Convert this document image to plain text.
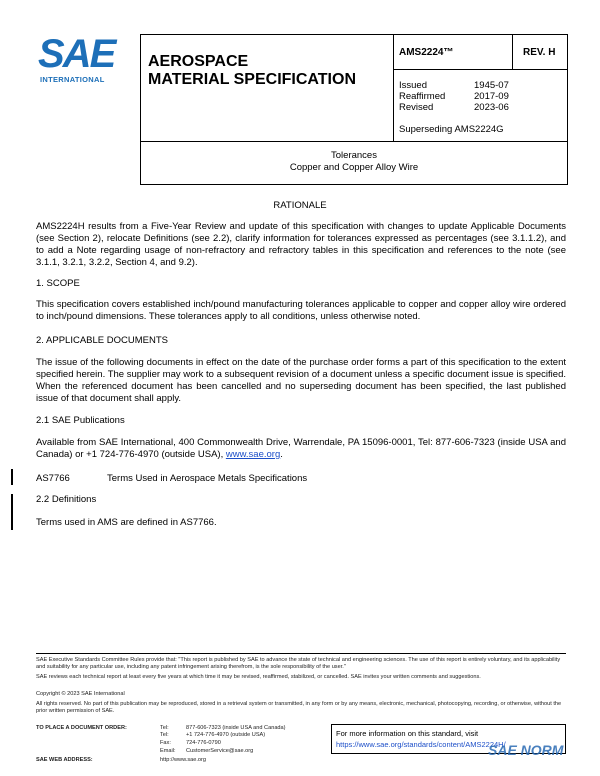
SAE
INTERNATIONAL
AEROSPACE
MATERIAL SPECIFICATION
AMS2224™	REV. H
Issued	1945-07
Reaffirmed	2017-09
Revised	2023-06
Superseding AMS2224G
Tolerances
Copper and Copper Alloy Wire
RATIONALE
AMS2224H results from a Five-Year Review and update of this specification with changes to update Applicable Documents (see Section 2), relocate Definitions (see 2.2), clarify information for tolerances expressed as percentages (see 3.1.1.2), and to add a Note regarding usage of non-refractory and refractory tables in this specification and references to the note (see 3.1.1, 3.2.1, 3.2.2, Section 4, and 9.2).
1. SCOPE
This specification covers established inch/pound manufacturing tolerances applicable to copper and copper alloy wire ordered to inch/pound dimensions. These tolerances apply to all conditions, unless otherwise noted.
2. APPLICABLE DOCUMENTS
The issue of the following documents in effect on the date of the purchase order forms a part of this specification to the extent specified herein. The supplier may work to a subsequent revision of a document unless a specific document issue is specified. When the referenced document has been cancelled and no superseding document has been specified, the last published issue of that document shall apply.
2.1 SAE Publications
Available from SAE International, 400 Commonwealth Drive, Warrendale, PA 15096-0001, Tel: 877-606-7323 (inside USA and Canada) or +1 724-776-4970 (outside USA), www.sae.org.
AS7766	Terms Used in Aerospace Metals Specifications
2.2 Definitions
Terms used in AMS are defined in AS7766.
SAE Executive Standards Committee Rules provide that: "This report is published by SAE to advance the state of technical and engineering sciences. The use of this report is entirely voluntary, and its applicability and suitability for any particular use, including any patent infringement arising therefrom, is the sole responsibility of the user."
SAE reviews each technical report at least every five years at which time it may be revised, reaffirmed, stabilized, or cancelled. SAE invites your written comments and suggestions.
Copyright © 2023 SAE International
All rights reserved. No part of this publication may be reproduced, stored in a retrieval system or transmitted, in any form or by any means, electronic, mechanical, photocopying, recording, or otherwise, without the prior written permission of SAE.
TO PLACE A DOCUMENT ORDER:	Tel:	877-606-7323 (inside USA and Canada)
Tel:	+1 724-776-4970 (outside USA)
Fax:	724-776-0790
Email: CustomerService@sae.org
SAE WEB ADDRESS:	http://www.sae.org
For more information on this standard, visit
https://www.sae.org/standards/content/AMS2224H/
SAE NORM
